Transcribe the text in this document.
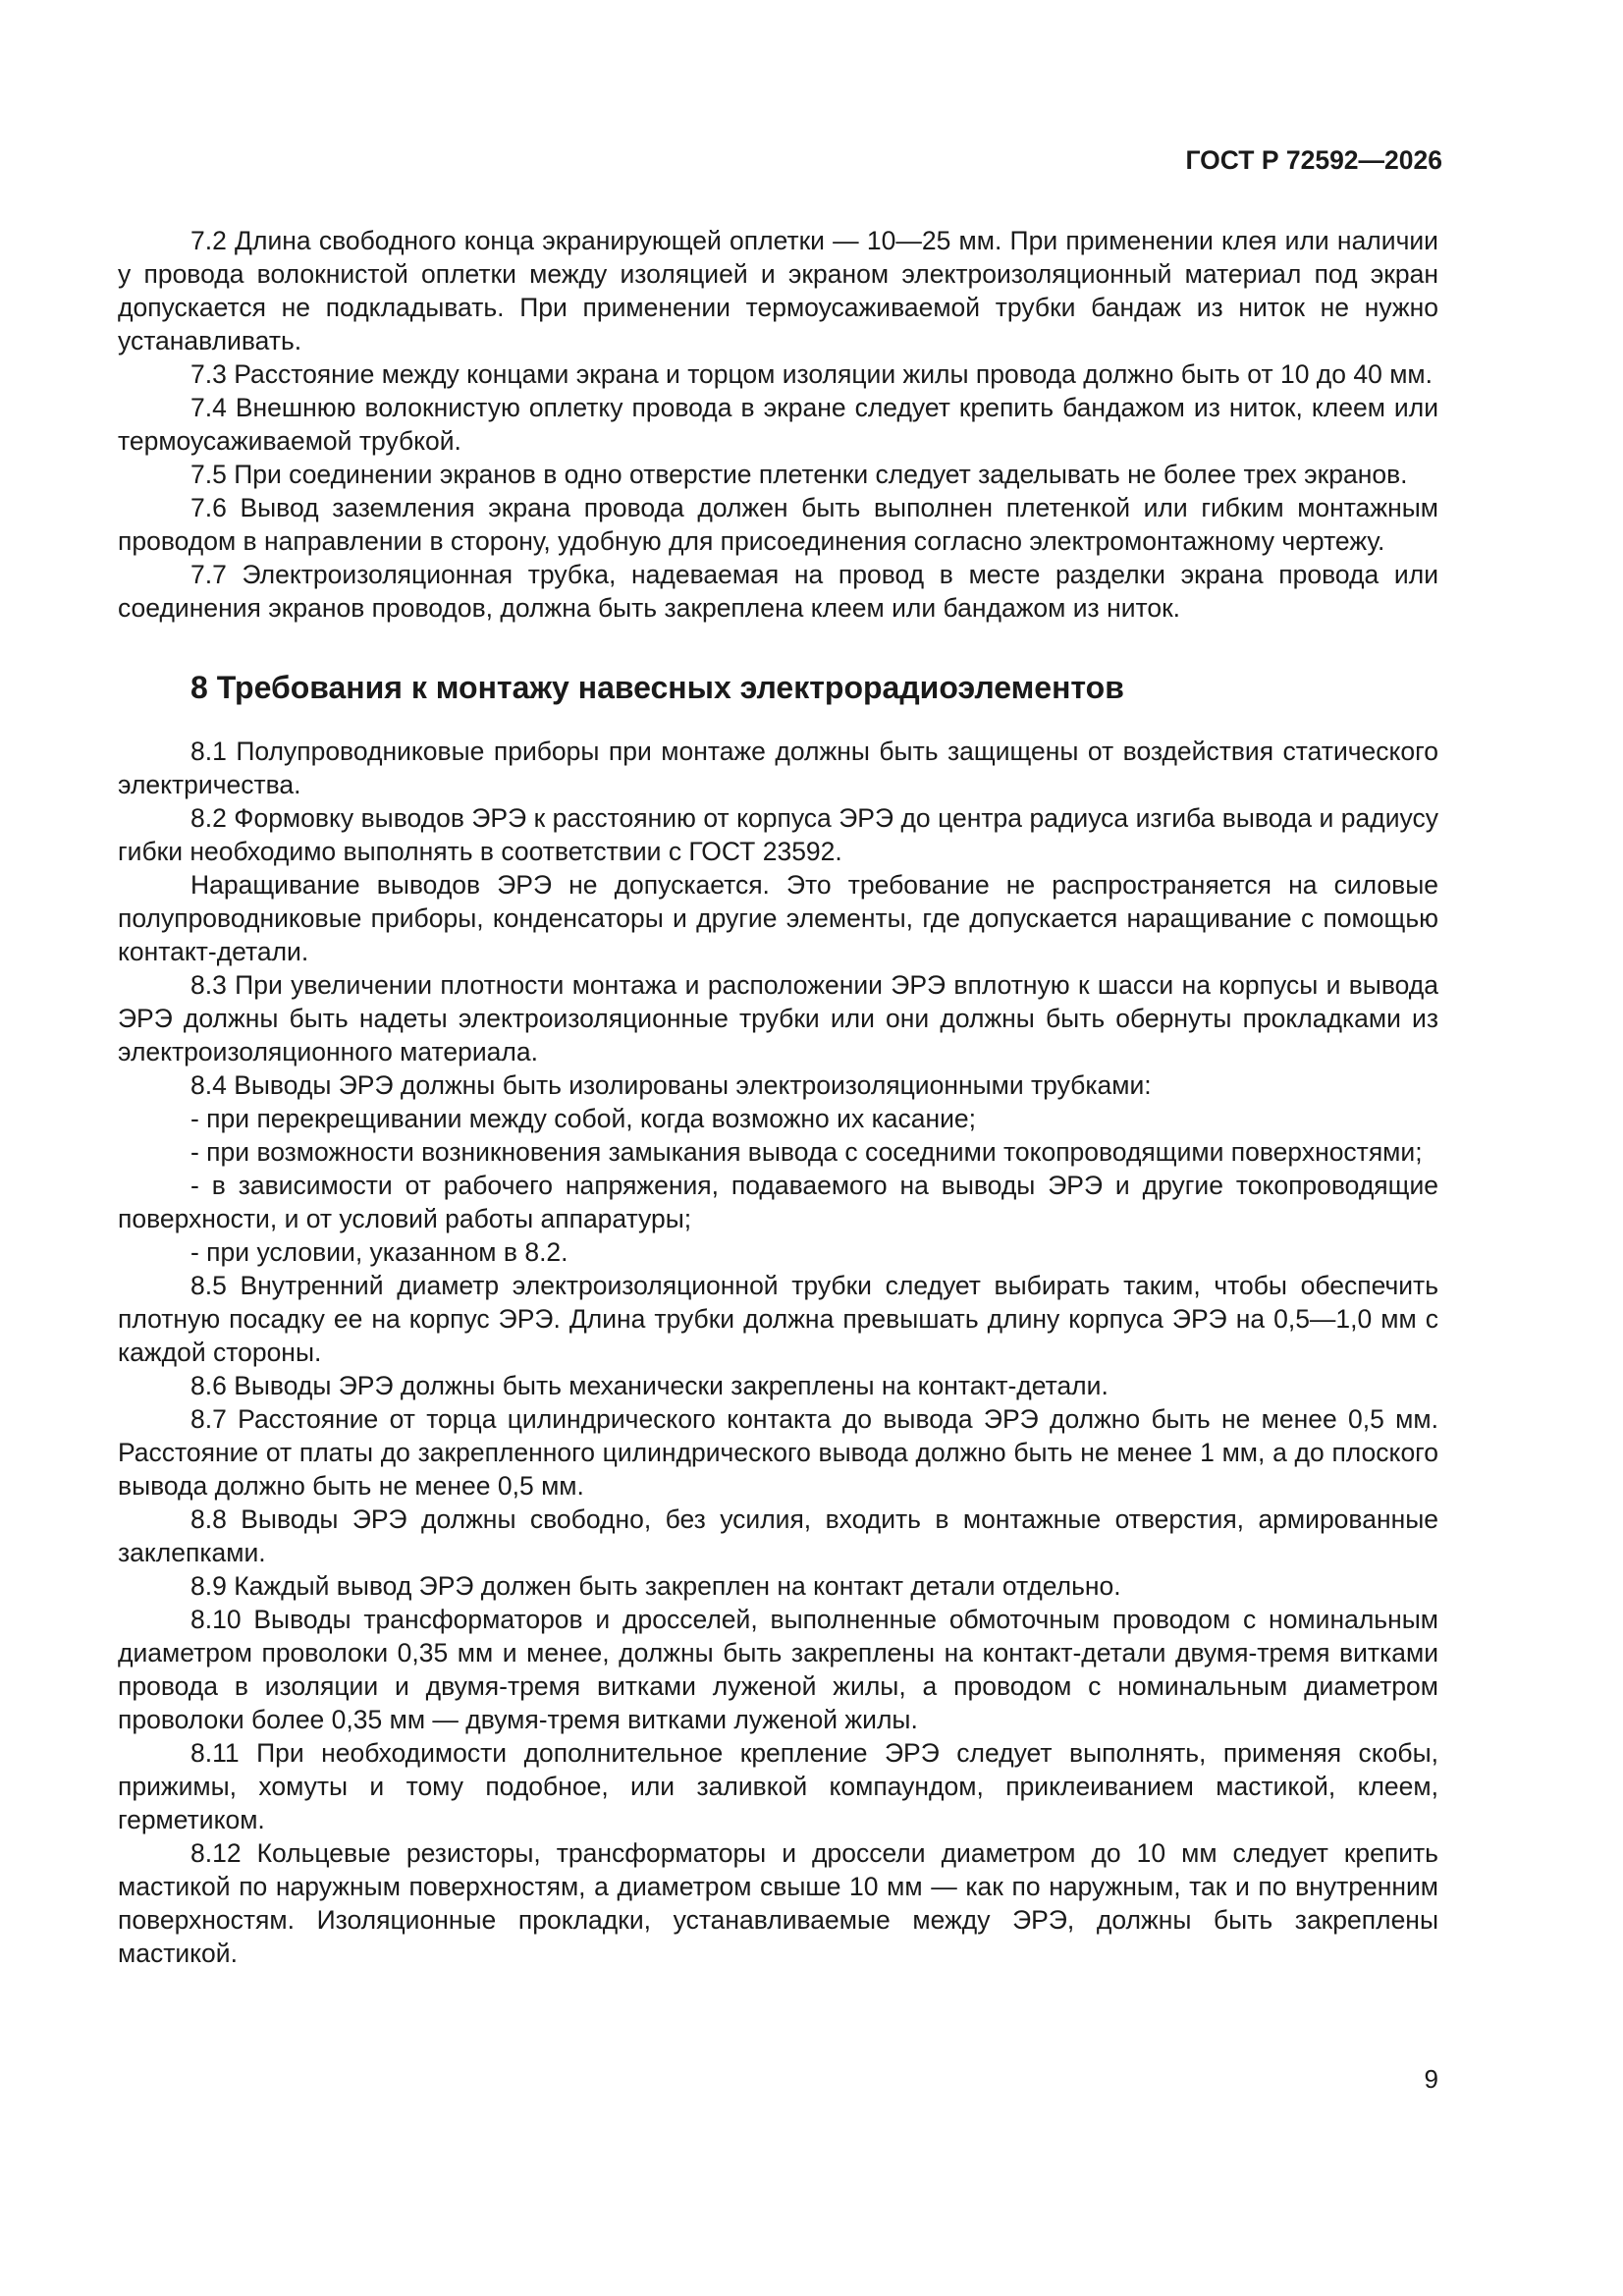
ГОСТ Р 72592—2026

7.2 Длина свободного конца экранирующей оплетки — 10—25 мм. При применении клея или наличии у провода волокнистой оплетки между изоляцией и экраном электроизоляционный материал под экран допускается не подкладывать. При применении термоусаживаемой трубки бандаж из ниток не нужно устанавливать.

7.3 Расстояние между концами экрана и торцом изоляции жилы провода должно быть от 10 до 40 мм.

7.4 Внешнюю волокнистую оплетку провода в экране следует крепить бандажом из ниток, клеем или термоусаживаемой трубкой.

7.5 При соединении экранов в одно отверстие плетенки следует заделывать не более трех экранов.

7.6 Вывод заземления экрана провода должен быть выполнен плетенкой или гибким монтажным проводом в направлении в сторону, удобную для присоединения согласно электромонтажному чертежу.

7.7 Электроизоляционная трубка, надеваемая на провод в месте разделки экрана провода или соединения экранов проводов, должна быть закреплена клеем или бандажом из ниток.

8 Требования к монтажу навесных электрорадиоэлементов

8.1 Полупроводниковые приборы при монтаже должны быть защищены от воздействия статического электричества.

8.2 Формовку выводов ЭРЭ к расстоянию от корпуса ЭРЭ до центра радиуса изгиба вывода и радиусу гибки необходимо выполнять в соответствии с ГОСТ 23592.

Наращивание выводов ЭРЭ не допускается. Это требование не распространяется на силовые полупроводниковые приборы, конденсаторы и другие элементы, где допускается наращивание с помощью контакт-детали.

8.3 При увеличении плотности монтажа и расположении ЭРЭ вплотную к шасси на корпусы и вывода ЭРЭ должны быть надеты электроизоляционные трубки или они должны быть обернуты прокладками из электроизоляционного материала.

8.4 Выводы ЭРЭ должны быть изолированы электроизоляционными трубками:

- при перекрещивании между собой, когда возможно их касание;

- при возможности возникновения замыкания вывода с соседними токопроводящими поверхностями;

- в зависимости от рабочего напряжения, подаваемого на выводы ЭРЭ и другие токопроводящие поверхности, и от условий работы аппаратуры;

- при условии, указанном в 8.2.

8.5 Внутренний диаметр электроизоляционной трубки следует выбирать таким, чтобы обеспечить плотную посадку ее на корпус ЭРЭ. Длина трубки должна превышать длину корпуса ЭРЭ на 0,5—1,0 мм с каждой стороны.

8.6 Выводы ЭРЭ должны быть механически закреплены на контакт-детали.

8.7 Расстояние от торца цилиндрического контакта до вывода ЭРЭ должно быть не менее 0,5 мм. Расстояние от платы до закрепленного цилиндрического вывода должно быть не менее 1 мм, а до плоского вывода должно быть не менее 0,5 мм.

8.8 Выводы ЭРЭ должны свободно, без усилия, входить в монтажные отверстия, армированные заклепками.

8.9 Каждый вывод ЭРЭ должен быть закреплен на контакт детали отдельно.

8.10 Выводы трансформаторов и дросселей, выполненные обмоточным проводом с номинальным диаметром проволоки 0,35 мм и менее, должны быть закреплены на контакт-детали двумя-тремя витками провода в изоляции и двумя-тремя витками луженой жилы, а проводом с номинальным диаметром проволоки более 0,35 мм — двумя-тремя витками луженой жилы.

8.11 При необходимости дополнительное крепление ЭРЭ следует выполнять, применяя скобы, прижимы, хомуты и тому подобное, или заливкой компаундом, приклеиванием мастикой, клеем, герметиком.

8.12 Кольцевые резисторы, трансформаторы и дроссели диаметром до 10 мм следует крепить мастикой по наружным поверхностям, а диаметром свыше 10 мм — как по наружным, так и по внутренним поверхностям. Изоляционные прокладки, устанавливаемые между ЭРЭ, должны быть закреплены мастикой.

9
